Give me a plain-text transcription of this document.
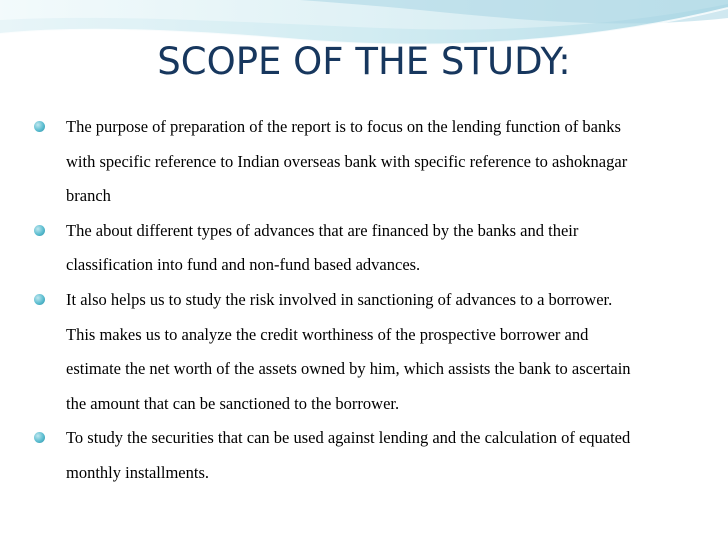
SCOPE OF THE STUDY:
The purpose of preparation of the report is to focus on the lending function of banks with specific reference to Indian overseas bank with specific reference to ashoknagar branch
The about different types of advances that are financed by the banks and their classification into fund and non-fund based advances.
It also helps us to study the risk involved in sanctioning of advances to a borrower. This makes us to analyze the credit worthiness of the prospective borrower and estimate the net worth of the assets owned by him, which assists the bank to ascertain the amount that can be sanctioned to the borrower.
To study the securities that can be used against lending and the calculation of equated monthly installments.
